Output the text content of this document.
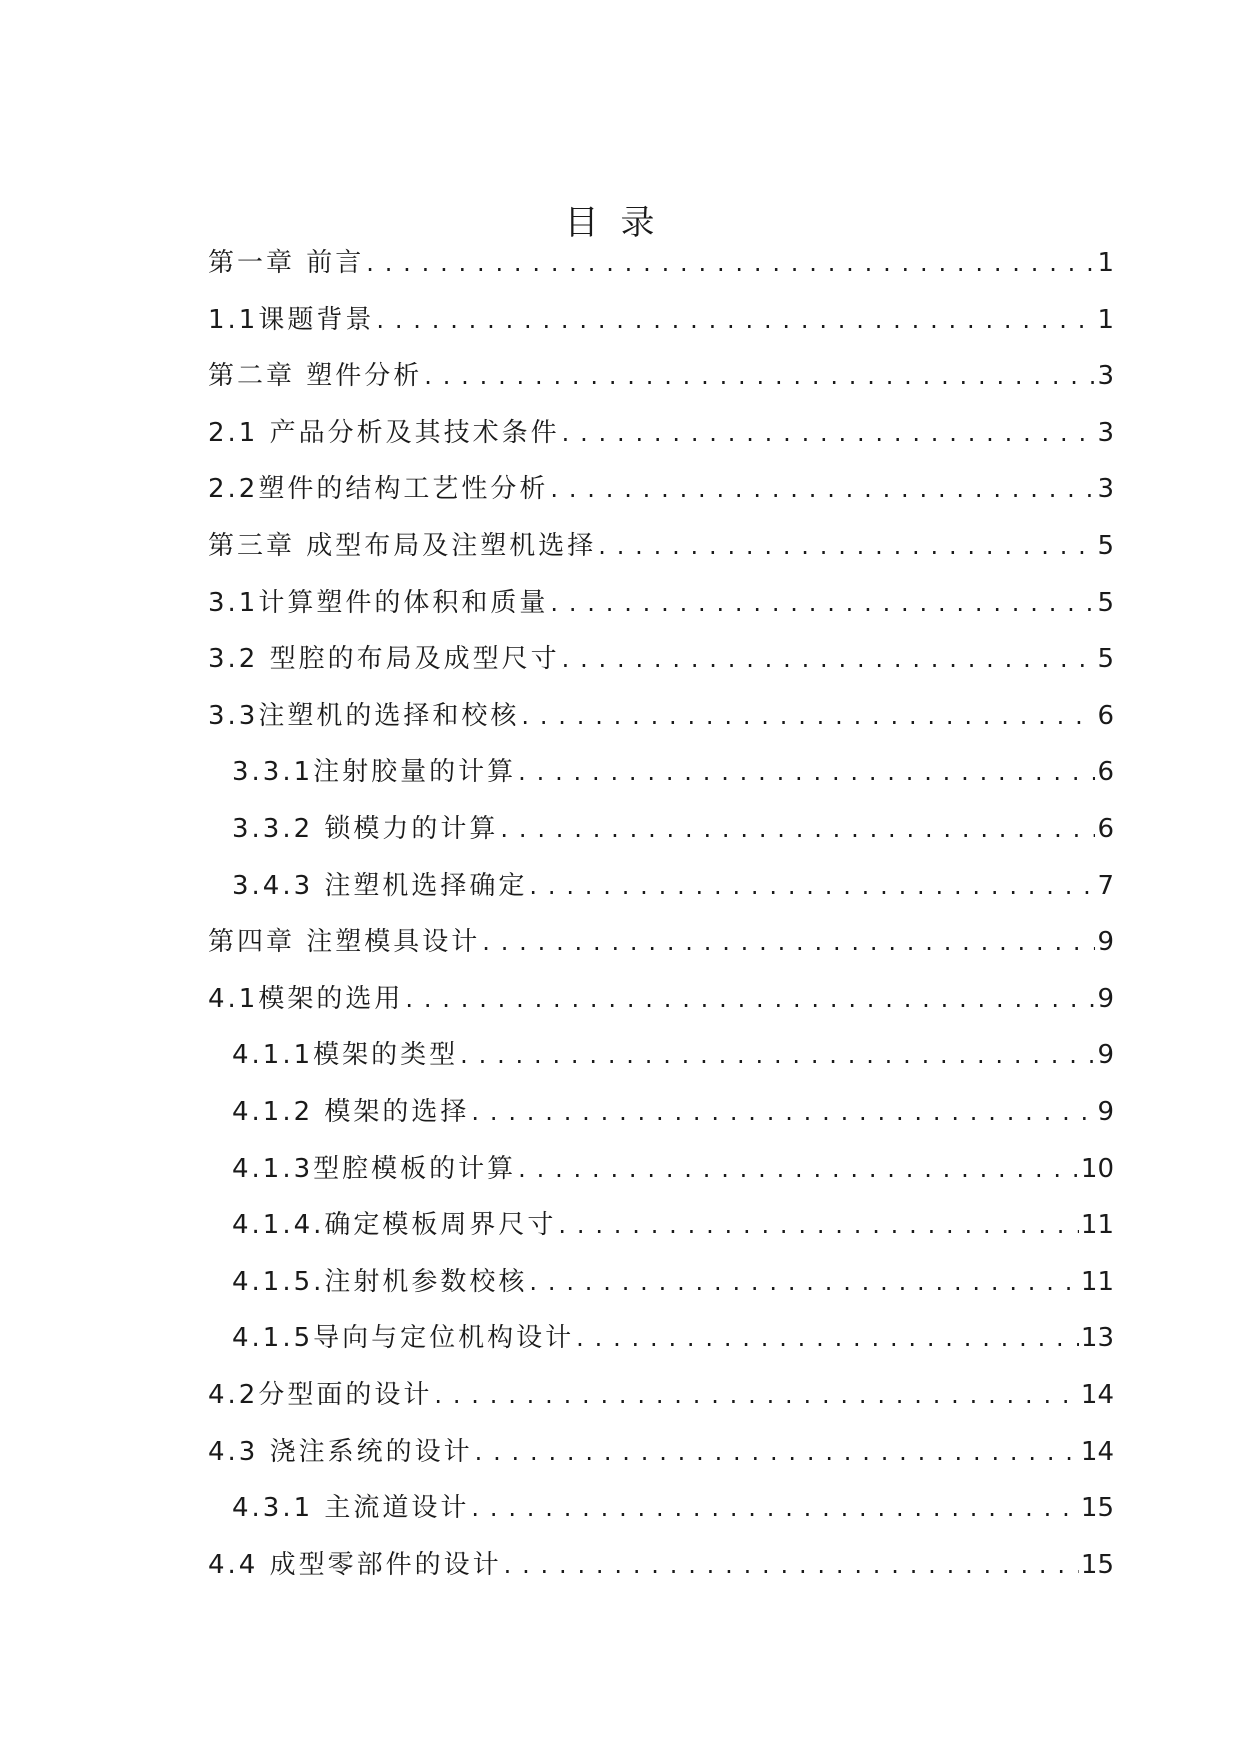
目录
第一章 前言 . . .	1
1.1课题背景 . . .	1
第二章 塑件分析 . . .	3
2.1 产品分析及其技术条件 . . .	3
2.2塑件的结构工艺性分析 . . .	3
第三章 成型布局及注塑机选择 . . .	5
3.1计算塑件的体积和质量 . . .	5
3.2 型腔的布局及成型尺寸 . . .	5
3.3注塑机的选择和校核 . . .	6
3.3.1注射胶量的计算 . . .	6
3.3.2 锁模力的计算 . . .	6
3.4.3 注塑机选择确定 . . .	7
第四章 注塑模具设计 . . .	9
4.1模架的选用 . . .	9
4.1.1模架的类型 . . .	9
4.1.2 模架的选择 . . .	9
4.1.3型腔模板的计算 . . .	10
4.1.4.确定模板周界尺寸 . . .	11
4.1.5.注射机参数校核 . . .	11
4.1.5导向与定位机构设计 . . .	13
4.2分型面的设计 . . .	14
4.3 浇注系统的设计 . . .	14
4.3.1 主流道设计 . . .	15
4.4 成型零部件的设计 . . .	15
